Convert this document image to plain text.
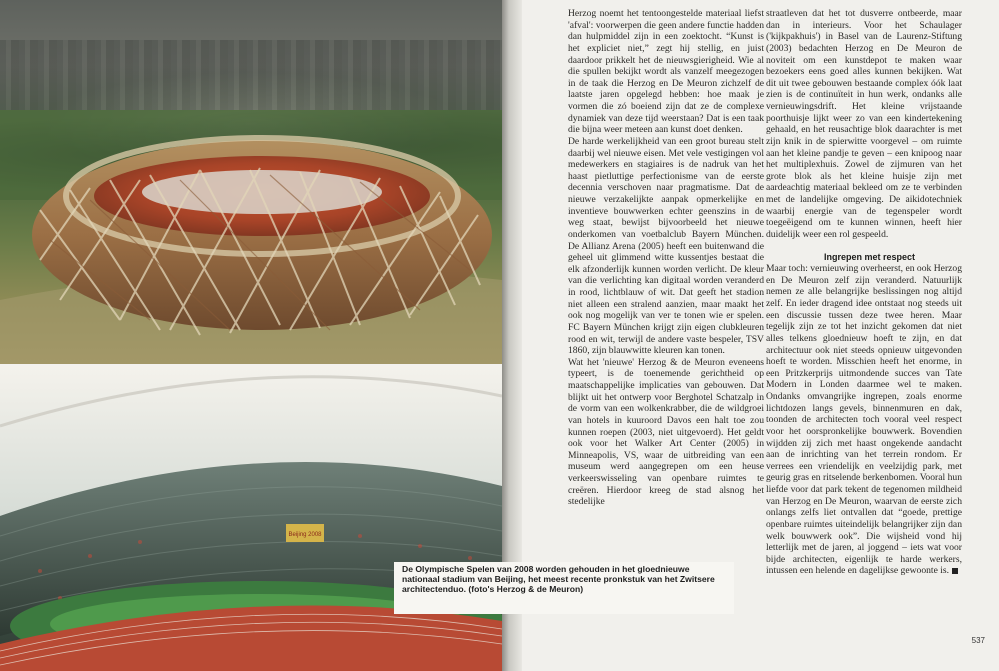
Beijing 2008
De Olympische Spelen van 2008 worden gehouden in het gloednieuwe nationaal stadium van Beijing, het meest recente pronkstuk van het Zwitsere architectenduo. (foto's Herzog & de Meuron)

Herzog noemt het tentoongestelde materiaal liefst 'afval': voorwerpen die geen andere functie hadden dan hulpmiddel zijn in een zoektocht. “Kunst is het expliciet niet,” zegt hij stellig, en juist daardoor prikkelt het de nieuwsgierigheid. Wie al die spullen bekijkt wordt als vanzelf meegezogen in de taak die Herzog en De Meuron zichzelf de laatste jaren opgelegd hebben: hoe maak je vormen die zó boeiend zijn dat ze de complexe dynamiek van deze tijd weerstaan? Dat is een taak die bijna weer meteen aan kunst doet denken.

De harde werkelijkheid van een groot bureau stelt daarbij wel nieuwe eisen. Met vele vestigingen vol medewerkers en stagiaires is de nadruk van het haast pietluttige perfectionisme van de eerste decennia verschoven naar pragmatisme. Dat de nieuwe verzakelijkte aanpak opmerkelijke en inventieve bouwwerken echter geenszins in de weg staat, bewijst bijvoorbeeld het nieuwe onderkomen van voetbalclub Bayern München. De Allianz Arena (2005) heeft een buitenwand die geheel uit glimmend witte kussentjes bestaat die elk afzonderlijk kunnen worden verlicht. De kleur van die verlichting kan digitaal worden veranderd in rood, lichtblauw of wit. Dat geeft het stadion niet alleen een stralend aanzien, maar maakt het ook nog mogelijk van ver te tonen wie er spelen. FC Bayern München krijgt zijn eigen clubkleuren rood en wit, terwijl de andere vaste bespeler, TSV 1860, zijn blauwwitte kleuren kan tonen.

Wat het 'nieuwe' Herzog & de Meuron eveneens typeert, is de toenemende gerichtheid op maatschappelijke implicaties van gebouwen. Dat blijkt uit het ontwerp voor Berghotel Schatzalp in de vorm van een wolkenkrabber, die de wildgroei van hotels in kuuroord Davos een halt toe zou kunnen roepen (2003, niet uitgevoerd). Het geldt ook voor het Walker Art Center (2005) in Minneapolis, VS, waar de uitbreiding van een museum werd aangegrepen om een heuse verkeerswisseling van openbare ruimtes te creëren. Hierdoor kreeg de stad alsnog het stedelijke

straatleven dat het tot dusverre ontbeerde, maar dan in interieurs. Voor het Schaulager ('kijkpakhuis') in Basel van de Laurenz-Stiftung (2003) bedachten Herzog en De Meuron de noviteit om een kunstdepot te maken waar bezoekers eens goed alles kunnen bekijken. Wat dit uit twee gebouwen bestaande complex óók laat zien is de continuïteit in hun werk, ondanks alle vernieuwingsdrift. Het kleine vrijstaande poorthuisje lijkt weer zo van een kindertekening gehaald, en het reusachtige blok daarachter is met zijn knik in de spierwitte voorgevel – om ruimte aan het kleine pandje te geven – een knipoog naar het multiplexhuis. Zowel de zijmuren van het grote blok als het kleine huisje zijn met aardeachtig materiaal bekleed om ze te verbinden met de landelijke omgeving. De aikidotechniek waarbij energie van de tegenspeler wordt toegeëigend om te kunnen winnen, heeft hier duidelijk weer een rol gespeeld.

Ingrepen met respect

Maar toch: vernieuwing overheerst, en ook Herzog en De Meuron zelf zijn veranderd. Natuurlijk nemen ze alle belangrijke beslissingen nog altijd zelf. En ieder dragend idee ontstaat nog steeds uit een discussie tussen deze twee heren. Maar tegelijk zijn ze tot het inzicht gekomen dat niet alles telkens gloednieuw hoeft te zijn, en dat architectuur ook niet steeds opnieuw uitgevonden hoeft te worden. Misschien heeft het enorme, in een Pritzkerprijs uitmondende succes van Tate Modern in Londen daarmee wel te maken. Ondanks omvangrijke ingrepen, zoals enorme lichtdozen langs gevels, binnenmuren en dak, toonden de architecten toch vooral veel respect voor het oorspronkelijke bouwwerk. Bovendien wijdden zij zich met haast ongekende aandacht aan de inrichting van het terrein rondom. Er verrees een vriendelijk en veelzijdig park, met geurig gras en ritselende berkenbomen. Vooral hun liefde voor dat park tekent de tegenomen mildheid van Herzog en De Meuron, waarvan de eerste zich onlangs zelfs liet ontvallen dat “goede, prettige openbare ruimtes uiteindelijk belangrijker zijn dan welk bouwwerk ook”. Die wijsheid vond hij letterlijk met de jaren, al joggend – iets wat voor bijde architecten, eigenlijk te harde werkers, intussen een helende en dagelijkse gewoonte is.

537
